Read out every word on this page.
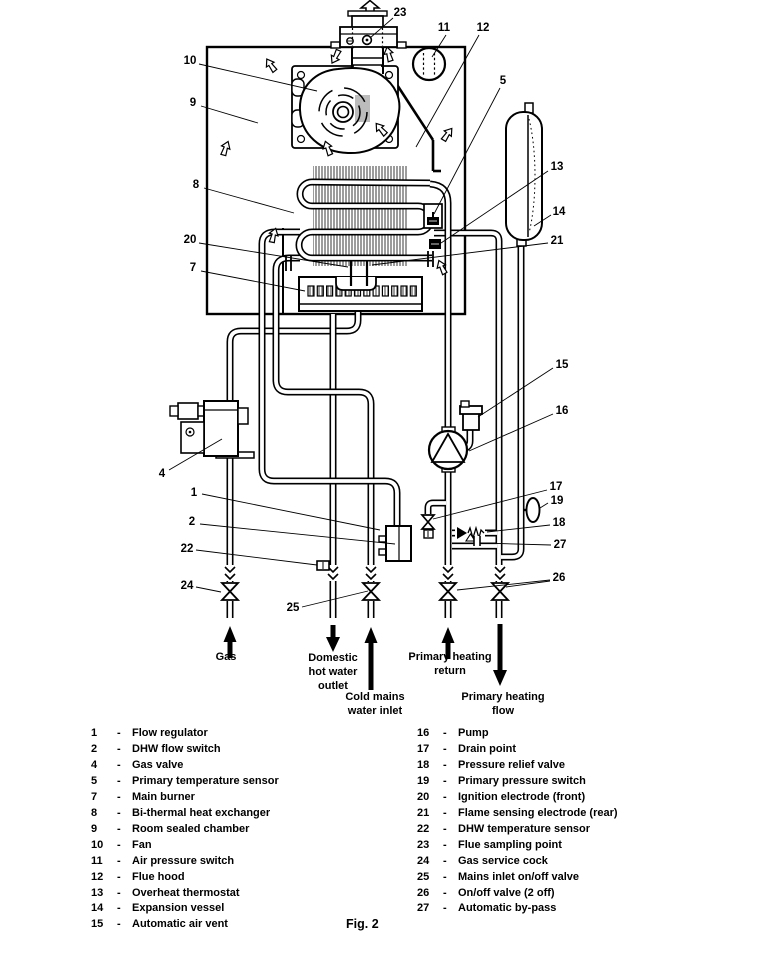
Gas	Domestic
hot water
outlet
Cold mains
water inlet
Primary heating
return
Primary heating
flow
23
11 12
5
10
9
8
13
14
20	21
7
15
16
4
1
2
22
24
25
17
19
18
27
26
1	-	Flow regulator
2	-	DHW flow switch
4	-	Gas valve
5	-	Primary temperature sensor
7	-	Main burner
8	-	Bi-thermal heat exchanger
9	-	Room sealed chamber
10	-	Fan
11	-	Air pressure switch
12	-	Flue hood
13	-	Overheat thermostat
14	-	Expansion vessel
15	-	Automatic air vent
16	-	Pump
17	-	Drain point
18	-	Pressure relief valve
19	-	Primary pressure switch
20	-	Ignition electrode (front)
21	-	Flame sensing electrode (rear)
22	-	DHW temperature sensor
23	-	Flue sampling point
24	-	Gas service cock
25	-	Mains inlet on/off valve
26	-	On/off valve (2 off)
27	-	Automatic by-pass
Fig. 2
